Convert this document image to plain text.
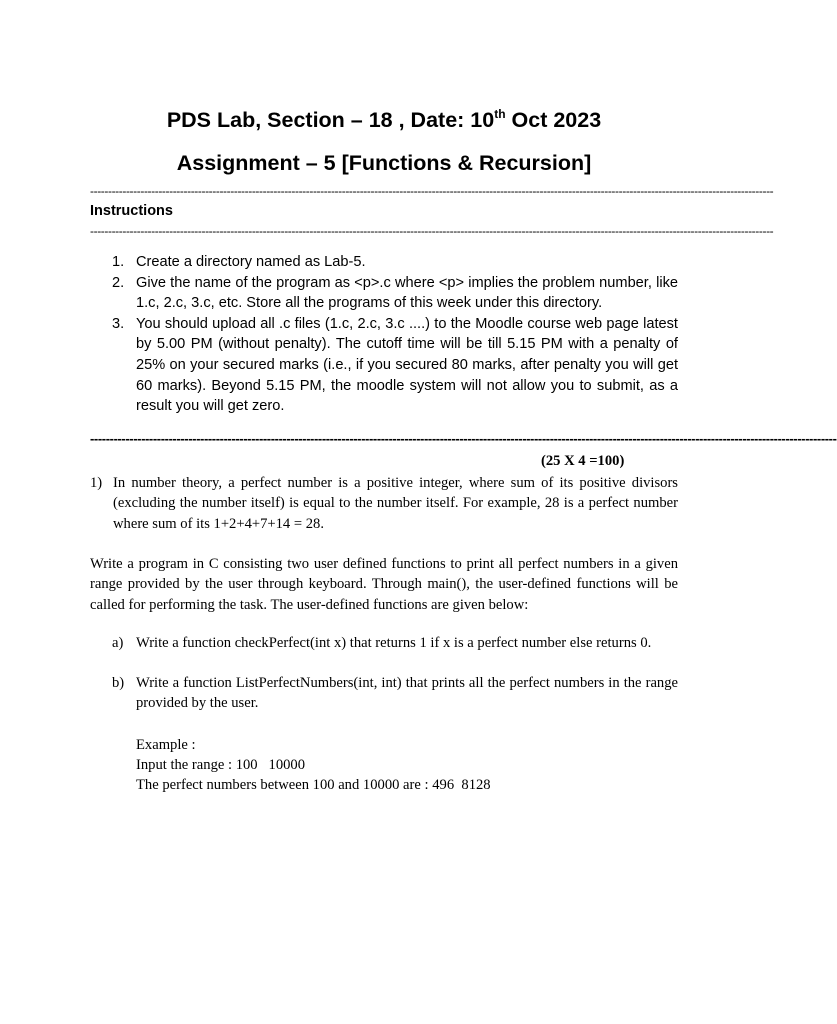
PDS Lab, Section – 18 , Date: 10th Oct 2023
Assignment – 5 [Functions & Recursion]
----------------------------------------------------------------------------------------------------------------------------------------------------------------------------------------------
Instructions
----------------------------------------------------------------------------------------------------------------------------------------------------------------------------------------------
1. Create a directory named as Lab-5.
2. Give the name of the program as <p>.c where <p> implies the problem number, like 1.c, 2.c, 3.c, etc. Store all the programs of this week under this directory.
3. You should upload all .c files (1.c, 2.c, 3.c ....) to the Moodle course web page latest by 5.00 PM (without penalty). The cutoff time will be till 5.15 PM with a penalty of 25% on your secured marks (i.e., if you secured 80 marks, after penalty you will get 60 marks). Beyond 5.15 PM, the moodle system will not allow you to submit, as a result you will get zero.
----------------------------------------------------------------------------------------------------------------------------------------------------------------------------------------------
(25 X 4 =100)
1) In number theory, a perfect number is a positive integer, where sum of its positive divisors (excluding the number itself) is equal to the number itself. For example, 28 is a perfect number where sum of its 1+2+4+7+14 = 28.
Write a program in C consisting two user defined functions to print all perfect numbers in a given range provided by the user through keyboard. Through main(), the user-defined functions will be called for performing the task. The user-defined functions are given below:
a) Write a function checkPerfect(int x) that returns 1 if x is a perfect number else returns 0.
b) Write a function ListPerfectNumbers(int, int) that prints all the perfect numbers in the range provided by the user.
Example :
Input the range : 100   10000
The perfect numbers between 100 and 10000 are : 496  8128
